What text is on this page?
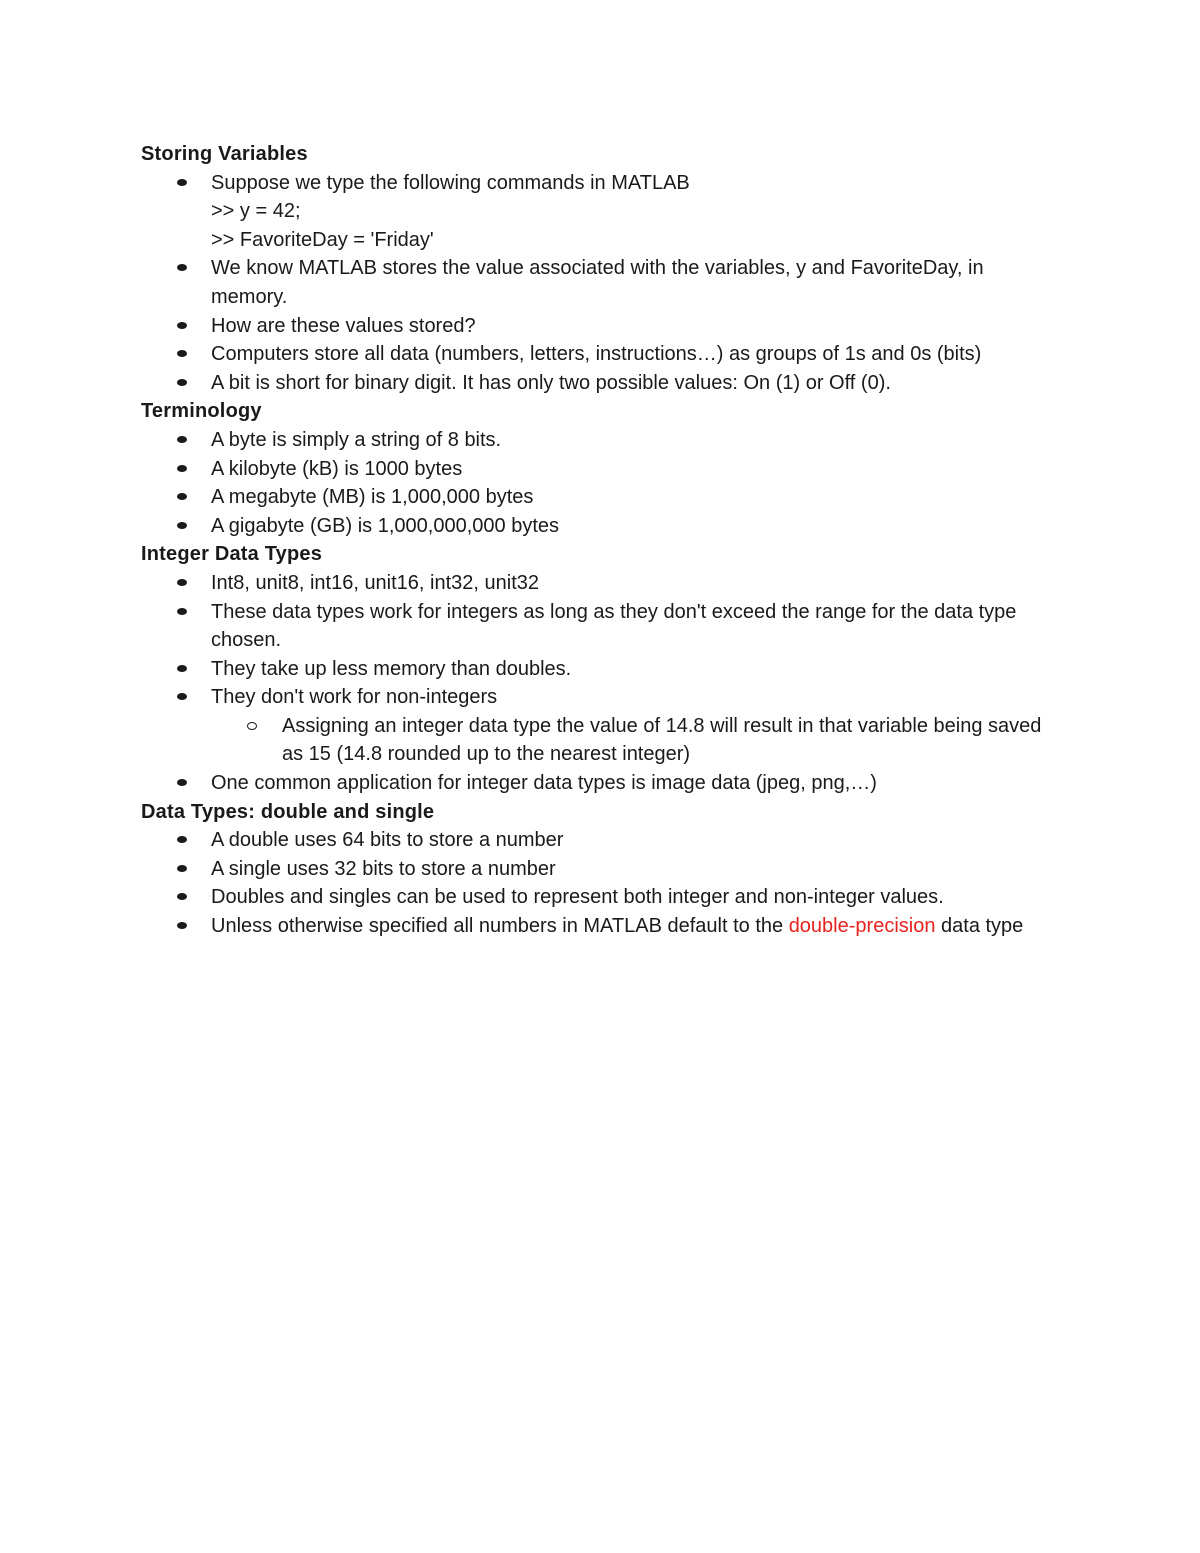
Storing Variables

Suppose we type the following commands in MATLAB
>> y = 42;
>> FavoriteDay = 'Friday'
We know MATLAB stores the value associated with the variables, y and FavoriteDay, in memory.
How are these values stored?
Computers store all data (numbers, letters, instructions…) as groups of 1s and 0s (bits)
A bit is short for binary digit. It has only two possible values: On (1) or Off (0).

Terminology

A byte is simply a string of 8 bits.
A kilobyte (kB) is 1000 bytes
A megabyte (MB) is 1,000,000 bytes
A gigabyte (GB) is 1,000,000,000 bytes

Integer Data Types

Int8, unit8, int16, unit16, int32, unit32
These data types work for integers as long as they don't exceed the range for the data type chosen.
They take up less memory than doubles.
They don't work for non-integers
Assigning an integer data type the value of 14.8 will result in that variable being saved as 15 (14.8 rounded up to the nearest integer)
One common application for integer data types is image data (jpeg, png,…)

Data Types: double and single

A double uses 64 bits to store a number
A single uses 32 bits to store a number
Doubles and singles can be used to represent both integer and non-integer values.
Unless otherwise specified all numbers in MATLAB default to the double-precision data type
